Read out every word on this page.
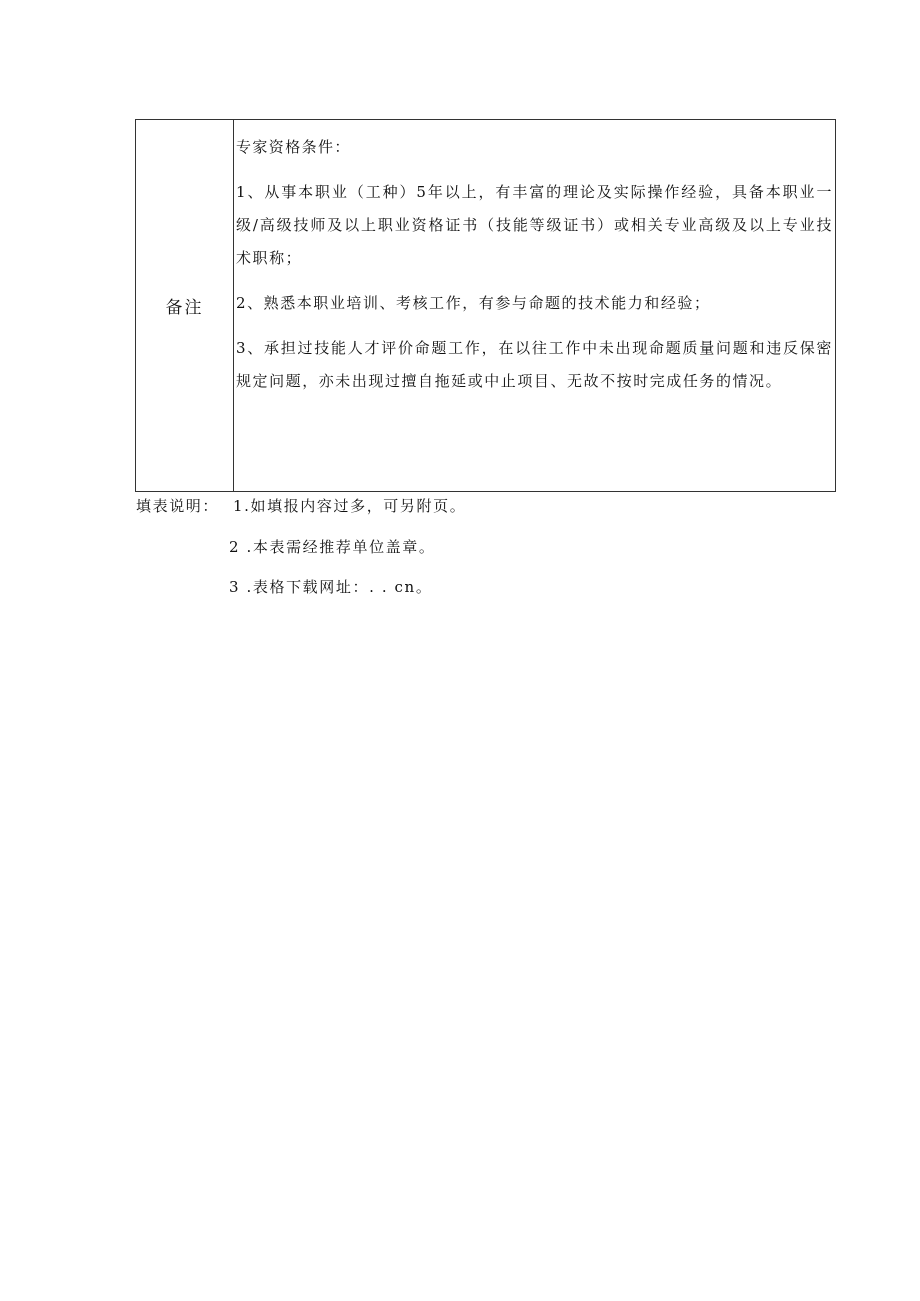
备注	

专家资格条件：

1、从事本职业（工种）5年以上，有丰富的理论及实际操作经验，具备本职业一级/高级技师及以上职业资格证书（技能等级证书）或相关专业高级及以上专业技术职称；

2、熟悉本职业培训、考核工作，有参与命题的技术能力和经验；

3、承担过技能人才评价命题工作，在以往工作中未出现命题质量问题和违反保密规定问题，亦未出现过擅自拖延或中止项目、无故不按时完成任务的情况。

填表说明： 1.如填报内容过多，可另附页。
2 .本表需经推荐单位盖章。
3 .表格下载网址：. . cn。
